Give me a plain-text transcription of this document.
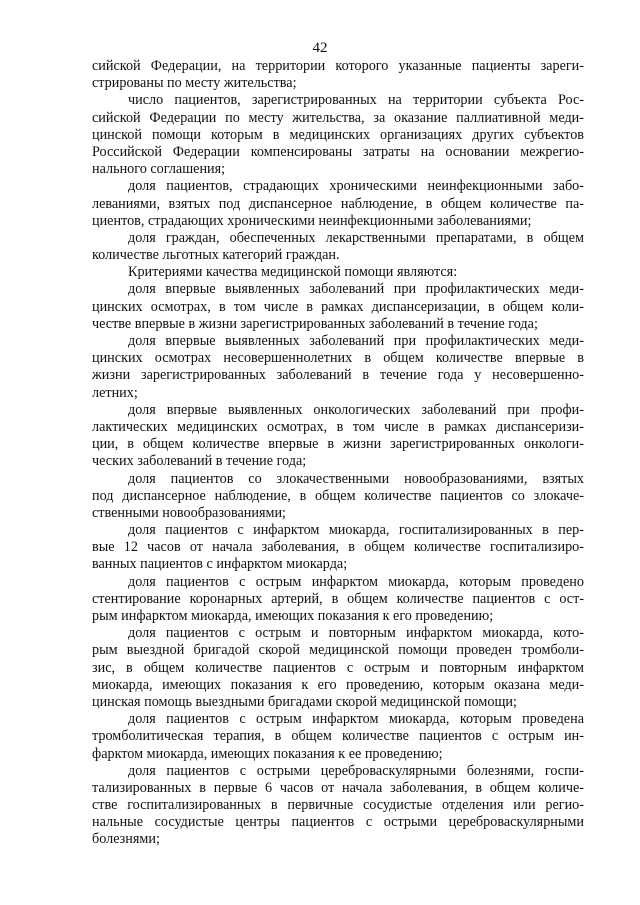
42
сийской Федерации, на территории которого указанные пациенты зареги-
стрированы по месту жительства;
число пациентов, зарегистрированных на территории субъекта Рос-
сийской Федерации по месту жительства, за оказание паллиативной меди-
цинской помощи которым в медицинских организациях других субъектов
Российской Федерации компенсированы затраты на основании межрегио-
нального соглашения;
доля пациентов, страдающих хроническими неинфекционными забо-
леваниями, взятых под диспансерное наблюдение, в общем количестве па-
циентов, страдающих хроническими неинфекционными заболеваниями;
доля граждан, обеспеченных лекарственными препаратами, в общем
количестве льготных категорий граждан.
Критериями качества медицинской помощи являются:
доля впервые выявленных заболеваний при профилактических меди-
цинских осмотрах, в том числе в рамках диспансеризации, в общем коли-
честве впервые в жизни зарегистрированных заболеваний в течение года;
доля впервые выявленных заболеваний при профилактических меди-
цинских осмотрах несовершеннолетних в общем количестве впервые в
жизни зарегистрированных заболеваний в течение года у несовершенно-
летних;
доля впервые выявленных онкологических заболеваний при профи-
лактических медицинских осмотрах, в том числе в рамках диспансеризи-
ции, в общем количестве впервые в жизни зарегистрированных онкологи-
ческих заболеваний в течение года;
доля пациентов со злокачественными новообразованиями, взятых
под диспансерное наблюдение, в общем количестве пациентов со злокаче-
ственными новообразованиями;
доля пациентов с инфарктом миокарда, госпитализированных в пер-
вые 12 часов от начала заболевания, в общем количестве госпитализиро-
ванных пациентов с инфарктом миокарда;
доля пациентов с острым инфарктом миокарда, которым проведено
стентирование коронарных артерий, в общем количестве пациентов с ост-
рым инфарктом миокарда, имеющих показания к его проведению;
доля пациентов с острым и повторным инфарктом миокарда, кото-
рым выездной бригадой скорой медицинской помощи проведен тромболи-
зис, в общем количестве пациентов с острым и повторным инфарктом
миокарда, имеющих показания к его проведению, которым оказана меди-
цинская помощь выездными бригадами скорой медицинской помощи;
доля пациентов с острым инфарктом миокарда, которым проведена
тромболитическая терапия, в общем количестве пациентов с острым ин-
фарктом миокарда, имеющих показания к ее проведению;
доля пациентов с острыми цереброваскулярными болезнями, госпи-
тализированных в первые 6 часов от начала заболевания, в общем количе-
стве госпитализированных в первичные сосудистые отделения или регио-
нальные сосудистые центры пациентов с острыми цереброваскулярными
болезнями;
